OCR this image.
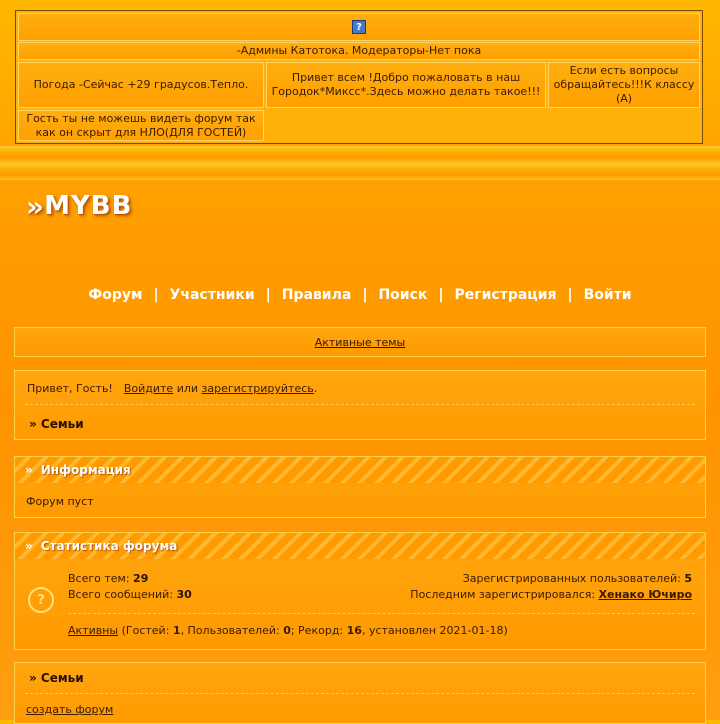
?
-Админы Катотока. Модераторы-Нет пока
Погода -Сейчас +29 градусов.Тепло.
Привет всем !Добро пожаловать в наш Городок*Миксс*.Здесь можно делать такое!!!
Если есть вопросы обращайтесь!!!К классу (А)
Гость ты не можешь видеть форум так как он скрыт для НЛО(ДЛЯ ГОСТЕЙ)
» MYBB
Форум | Участники | Правила | Поиск | Регистрация | Войти
Активные темы
Привет, Гость! Войдите или зарегистрируйтесь.
» Семьи
» Информация
Форум пуст
» Статистика форума
?
Всего тем: 29
Всего сообщений: 30
Зарегистрированных пользователей: 5
Последним зарегистрировался: Хенако Ючиро
Активны (Гостей: 1, Пользователей: 0; Рекорд: 16, установлен 2021-01-18)
» Семьи
создать форум
